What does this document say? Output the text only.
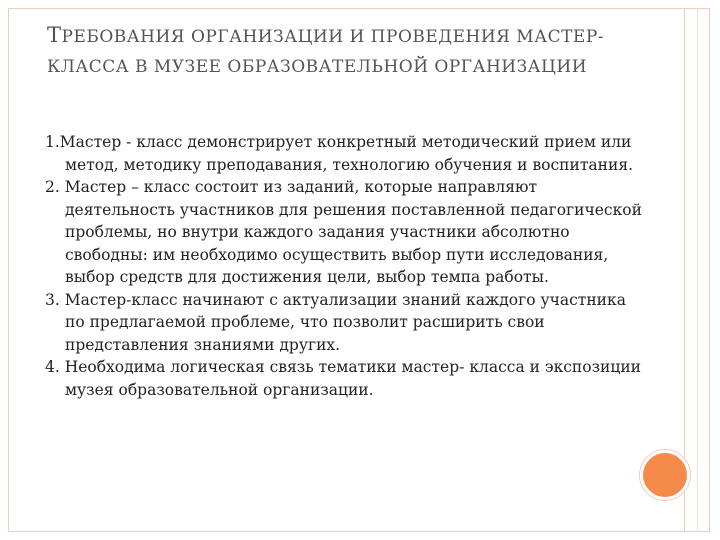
ТРЕБОВАНИЯ ОРГАНИЗАЦИИ И ПРОВЕДЕНИЯ МАСТЕР- КЛАССА В МУЗЕЕ ОБРАЗОВАТЕЛЬНОЙ ОРГАНИЗАЦИИ

1.Мастер - класс демонстрирует конкретный методический прием или метод, методику преподавания, технологию обучения и воспитания.

2. Мастер – класс состоит из заданий, которые направляют деятельность участников для решения поставленной педагогической проблемы, но внутри каждого задания участники абсолютно свободны: им необходимо осуществить выбор пути исследования, выбор средств для достижения цели, выбор темпа работы.

3. Мастер-класс начинают с актуализации знаний каждого участника по предлагаемой проблеме, что позволит расширить свои представления знаниями других.

4. Необходима логическая связь тематики мастер- класса и экспозиции музея образовательной организации.
